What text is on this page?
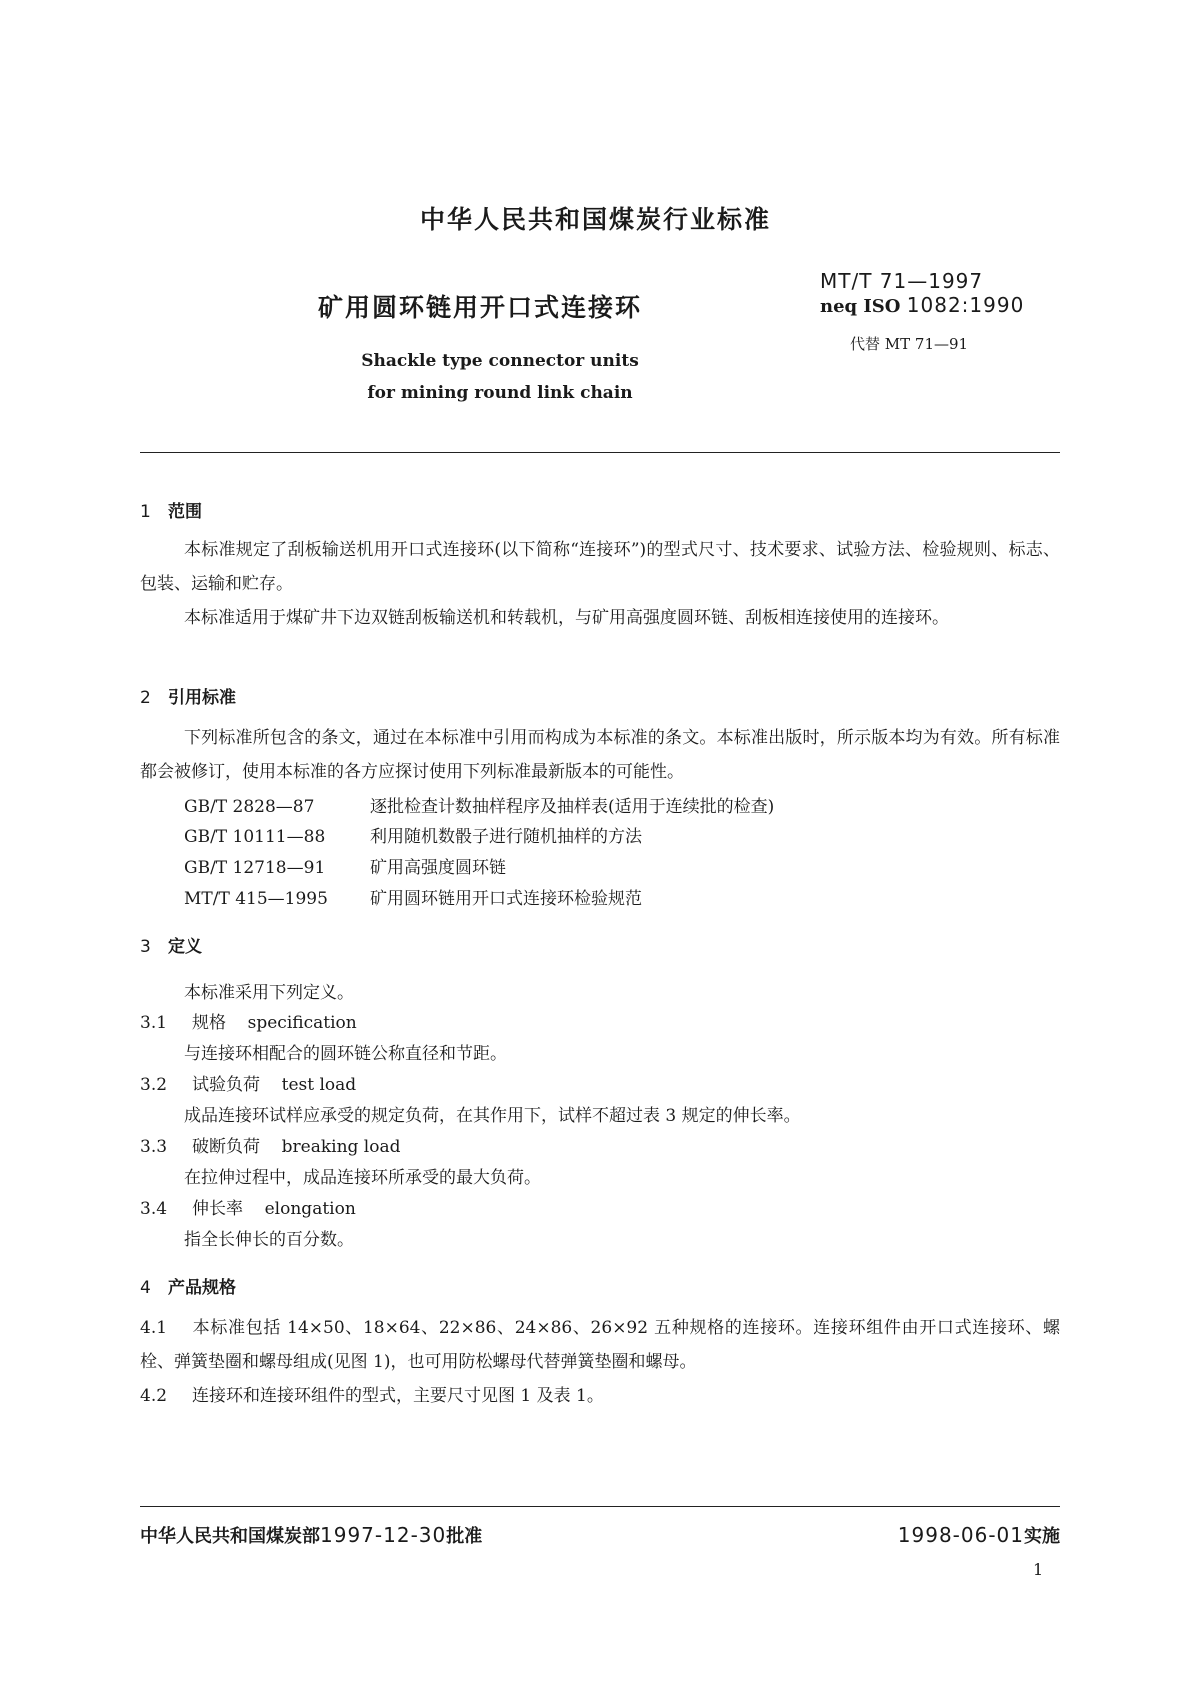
中华人民共和国煤炭行业标准
MT/T 71—1997
neq ISO 1082:1990
代替 MT 71—91
矿用圆环链用开口式连接环
Shackle type connector units
for mining round link chain
1 范围
本标准规定了刮板输送机用开口式连接环(以下简称“连接环”)的型式尺寸、技术要求、试验方法、检验规则、标志、包装、运输和贮存。
本标准适用于煤矿井下边双链刮板输送机和转载机，与矿用高强度圆环链、刮板相连接使用的连接环。
2 引用标准
下列标准所包含的条文，通过在本标准中引用而构成为本标准的条文。本标准出版时，所示版本均为有效。所有标准都会被修订，使用本标准的各方应探讨使用下列标准最新版本的可能性。
GB/T 2828—87	逐批检查计数抽样程序及抽样表(适用于连续批的检查)
GB/T 10111—88	利用随机数骰子进行随机抽样的方法
GB/T 12718—91	矿用高强度圆环链
MT/T 415—1995 矿用圆环链用开口式连接环检验规范
3 定义
本标准采用下列定义。
3.1 规格 specification
与连接环相配合的圆环链公称直径和节距。
3.2 试验负荷 test load
成品连接环试样应承受的规定负荷，在其作用下，试样不超过表 3 规定的伸长率。
3.3 破断负荷 breaking load
在拉伸过程中，成品连接环所承受的最大负荷。
3.4 伸长率 elongation
指全长伸长的百分数。
4 产品规格
4.1 本标准包括 14×50、18×64、22×86、24×86、26×92 五种规格的连接环。连接环组件由开口式连接环、螺栓、弹簧垫圈和螺母组成(见图 1)，也可用防松螺母代替弹簧垫圈和螺母。
4.2 连接环和连接环组件的型式，主要尺寸见图 1 及表 1。
中华人民共和国煤炭部1997-12-30批准	1998-06-01实施
1
